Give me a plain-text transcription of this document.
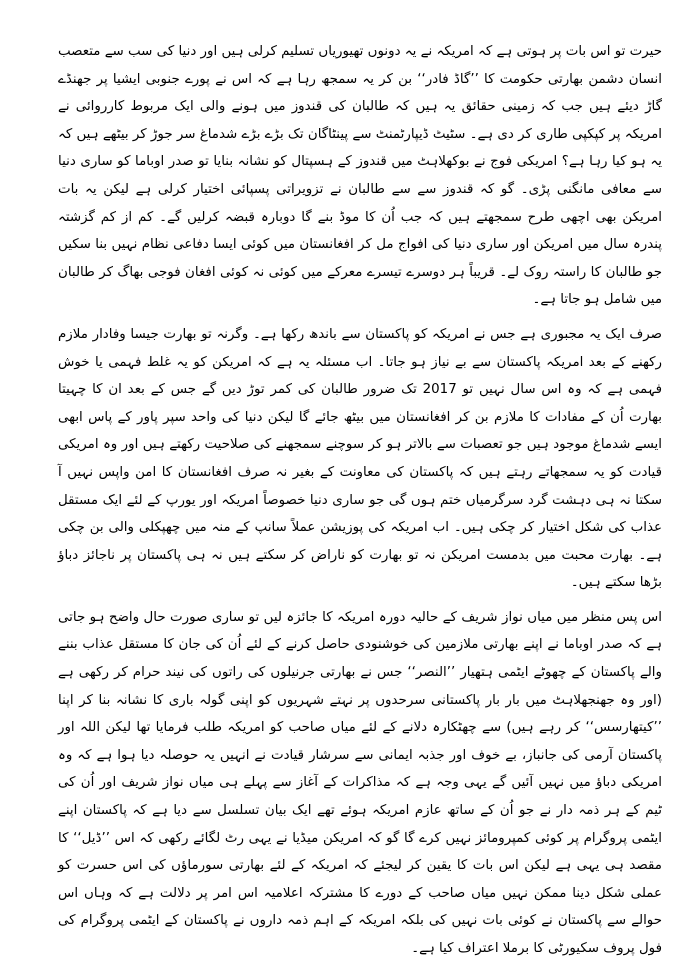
حیرت تو اس بات پر ہوتی ہے کہ امریکہ نے یہ دونوں تھیوریاں تسلیم کرلی ہیں اور دنیا کی سب سے متعصب انسان دشمن بھارتی حکومت کا ’’گاڈ فادر‘‘ بن کر یہ سمجھ رہا ہے کہ اس نے پورے جنوبی ایشیا پر جھنڈے گاڑ دیئے ہیں جب کہ زمینی حقائق یہ ہیں کہ طالبان کی قندوز میں ہونے والی ایک مربوط کارروائی نے امریکہ پر کپکپی طاری کر دی ہے۔ سٹیٹ ڈیپارٹمنٹ سے پینٹاگان تک بڑے بڑے شدماغ سر جوڑ کر بیٹھے ہیں کہ یہ ہو کیا رہا ہے؟ امریکی فوج نے بوکھلاہٹ میں قندوز کے ہسپتال کو نشانہ بنایا تو صدر اوباما کو ساری دنیا سے معافی مانگنی پڑی۔ گو کہ قندوز سے سے طالبان نے تزویراتی پسپائی اختیار کرلی ہے لیکن یہ بات امریکن بھی اچھی طرح سمجھتے ہیں کہ جب اُن کا موڈ بنے گا دوبارہ قبضہ کرلیں گے۔ کم از کم گزشتہ پندرہ سال میں امریکن اور ساری دنیا کی افواج مل کر افغانستان میں کوئی ایسا دفاعی نظام نہیں بنا سکیں جو طالبان کا راستہ روک لے۔ قریباً ہر دوسرے تیسرے معرکے میں کوئی نہ کوئی افغان فوجی بھاگ کر طالبان میں شامل ہو جاتا ہے۔

صرف ایک یہ مجبوری ہے جس نے امریکہ کو پاکستان سے باندھ رکھا ہے۔ وگرنہ تو بھارت جیسا وفادار ملازم رکھنے کے بعد امریکہ پاکستان سے بے نیاز ہو جاتا۔ اب مسئلہ یہ ہے کہ امریکن کو یہ غلط فہمی یا خوش فہمی ہے کہ وہ اس سال نہیں تو 2017 تک ضرور طالبان کی کمر توڑ دیں گے جس کے بعد ان کا چہیتا بھارت اُن کے مفادات کا ملازم بن کر افغانستان میں بیٹھ جائے گا لیکن دنیا کی واحد سپر پاور کے پاس ابھی ایسے شدماغ موجود ہیں جو تعصبات سے بالاتر ہو کر سوچنے سمجھنے کی صلاحیت رکھتے ہیں اور وہ امریکی قیادت کو یہ سمجھاتے رہتے ہیں کہ پاکستان کی معاونت کے بغیر نہ صرف افغانستان کا امن واپس نہیں آ سکتا نہ ہی دہشت گرد سرگرمیاں ختم ہوں گی جو ساری دنیا خصوصاً امریکہ اور یورپ کے لئے ایک مستقل عذاب کی شکل اختیار کر چکی ہیں۔ اب امریکہ کی پوزیشن عملاً سانپ کے منہ میں چھپکلی والی بن چکی ہے۔ بھارت محبت میں بدمست امریکن نہ تو بھارت کو ناراض کر سکتے ہیں نہ ہی پاکستان پر ناجائز دباؤ بڑھا سکتے ہیں۔

اس پس منظر میں میاں نواز شریف کے حالیہ دورہ امریکہ کا جائزہ لیں تو ساری صورت حال واضح ہو جاتی ہے کہ صدر اوباما نے اپنے بھارتی ملازمین کی خوشنودی حاصل کرنے کے لئے اُن کی جان کا مستقل عذاب بننے والے پاکستان کے چھوٹے ایٹمی ہتھیار ’’النصر‘‘ جس نے بھارتی جرنیلوں کی راتوں کی نیند حرام کر رکھی ہے (اور وہ جھنجھلاہٹ میں بار بار پاکستانی سرحدوں پر نہتے شہریوں کو اپنی گولہ باری کا نشانہ بنا کر اپنا ’’کیتھارسس‘‘ کر رہے ہیں) سے چھٹکارہ دلانے کے لئے میاں صاحب کو امریکہ طلب فرمایا تھا لیکن اللہ اور پاکستان آرمی کی جانباز، بے خوف اور جذبہ ایمانی سے سرشار قیادت نے انہیں یہ حوصلہ دیا ہوا ہے کہ وہ امریکی دباؤ میں نہیں آئیں گے یہی وجہ ہے کہ مذاکرات کے آغاز سے پہلے ہی میاں نواز شریف اور اُن کی ٹیم کے ہر ذمہ دار نے جو اُن کے ساتھ عازم امریکہ ہوئے تھے ایک بیان تسلسل سے دیا ہے کہ پاکستان اپنے ایٹمی پروگرام پر کوئی کمپرومائز نہیں کرے گا گو کہ امریکن میڈیا نے یہی رٹ لگائے رکھی کہ اس ’’ڈیل‘‘ کا مقصد ہی یہی ہے لیکن اس بات کا یقین کر لیجئے کہ امریکہ کے لئے بھارتی سورماؤں کی اس حسرت کو عملی شکل دینا ممکن نہیں میاں صاحب کے دورے کا مشترکہ اعلامیہ اس امر پر دلالت ہے کہ وہاں اس حوالے سے پاکستان نے کوئی بات نہیں کی بلکہ امریکہ کے اہم ذمہ داروں نے پاکستان کے ایٹمی پروگرام کی فول پروف سکیورٹی کا برملا اعتراف کیا ہے۔
